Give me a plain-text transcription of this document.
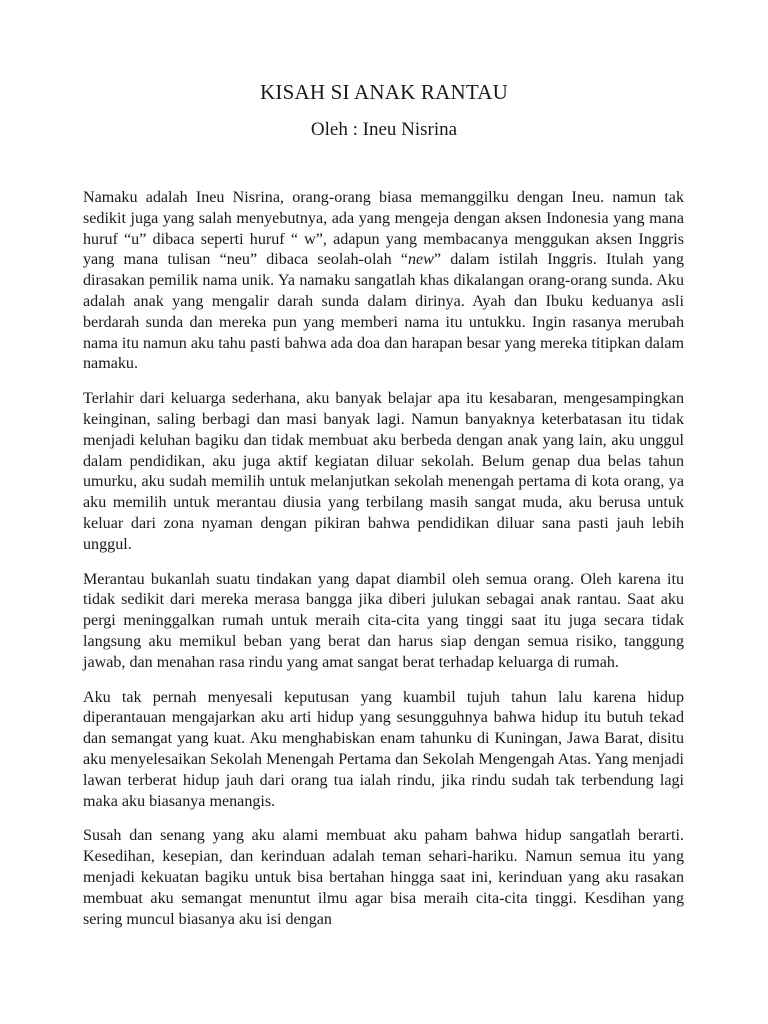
KISAH SI ANAK RANTAU
Oleh : Ineu Nisrina

Namaku adalah Ineu Nisrina, orang-orang biasa memanggilku dengan Ineu. namun tak sedikit juga yang salah menyebutnya, ada yang mengeja dengan aksen Indonesia yang mana huruf “u” dibaca seperti huruf “ w”, adapun yang membacanya menggukan aksen Inggris yang mana tulisan “neu” dibaca seolah-olah “new” dalam istilah Inggris. Itulah yang dirasakan pemilik nama unik. Ya namaku sangatlah khas dikalangan orang-orang sunda. Aku adalah anak yang mengalir darah sunda dalam dirinya. Ayah dan Ibuku keduanya asli berdarah sunda dan mereka pun yang memberi nama itu untukku. Ingin rasanya merubah nama itu namun aku tahu pasti bahwa ada doa dan harapan besar yang mereka titipkan dalam namaku.

Terlahir dari keluarga sederhana, aku banyak belajar apa itu kesabaran, mengesampingkan keinginan, saling berbagi dan masi banyak lagi. Namun banyaknya keterbatasan itu tidak menjadi keluhan bagiku dan tidak membuat aku berbeda dengan anak yang lain, aku unggul dalam pendidikan, aku juga aktif kegiatan diluar sekolah. Belum genap dua belas tahun umurku, aku sudah memilih untuk melanjutkan sekolah menengah pertama di kota orang, ya aku memilih untuk merantau diusia yang terbilang masih sangat muda, aku berusa untuk keluar dari zona nyaman dengan pikiran bahwa pendidikan diluar sana pasti jauh lebih unggul.

Merantau bukanlah suatu tindakan yang dapat diambil oleh semua orang. Oleh karena itu tidak sedikit dari mereka merasa bangga jika diberi julukan sebagai anak rantau. Saat aku pergi meninggalkan rumah untuk meraih cita-cita yang tinggi saat itu juga secara tidak langsung aku memikul beban yang berat dan harus siap dengan semua risiko, tanggung jawab, dan menahan rasa rindu yang amat sangat berat terhadap keluarga di rumah.

Aku tak pernah menyesali keputusan yang kuambil tujuh tahun lalu karena hidup diperantauan mengajarkan aku arti hidup yang sesungguhnya bahwa hidup itu butuh tekad dan semangat yang kuat. Aku menghabiskan enam tahunku di Kuningan, Jawa Barat, disitu aku menyelesaikan Sekolah Menengah Pertama dan Sekolah Mengengah Atas. Yang menjadi lawan terberat hidup jauh dari orang tua ialah rindu, jika rindu sudah tak terbendung lagi maka aku biasanya menangis.

Susah dan senang yang aku alami membuat aku paham bahwa hidup sangatlah berarti. Kesedihan, kesepian, dan kerinduan adalah teman sehari-hariku. Namun semua itu yang menjadi kekuatan bagiku untuk bisa bertahan hingga saat ini, kerinduan yang aku rasakan membuat aku semangat menuntut ilmu agar bisa meraih cita-cita tinggi. Kesdihan yang sering muncul biasanya aku isi dengan
